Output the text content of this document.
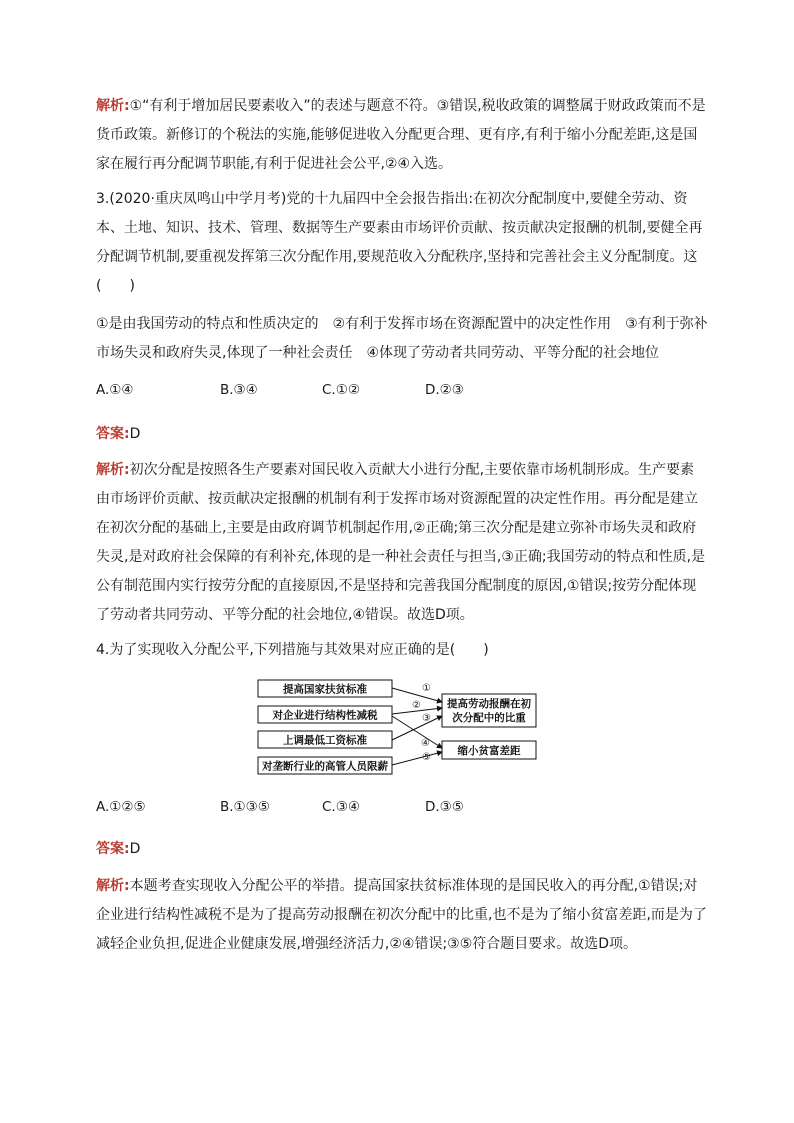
解析:①“有利于增加居民要素收入”的表述与题意不符。③错误,税收政策的调整属于财政政策而不是货币政策。新修订的个税法的实施,能够促进收入分配更合理、更有序,有利于缩小分配差距,这是国家在履行再分配调节职能,有利于促进社会公平,②④入选。
3.(2020·重庆凤鸣山中学月考)党的十九届四中全会报告指出:在初次分配制度中,要健全劳动、资本、土地、知识、技术、管理、数据等生产要素由市场评价贡献、按贡献决定报酬的机制,要健全再分配调节机制,要重视发挥第三次分配作用,要规范收入分配秩序,坚持和完善社会主义分配制度。这(　　)
①是由我国劳动的特点和性质决定的　②有利于发挥市场在资源配置中的决定性作用　③有利于弥补市场失灵和政府失灵,体现了一种社会责任　④体现了劳动者共同劳动、平等分配的社会地位
A.①④	B.③④	C.①②	D.②③
答案:D
解析:初次分配是按照各生产要素对国民收入贡献大小进行分配,主要依靠市场机制形成。生产要素由市场评价贡献、按贡献决定报酬的机制有利于发挥市场对资源配置的决定性作用。再分配是建立在初次分配的基础上,主要是由政府调节机制起作用,②正确;第三次分配是建立弥补市场失灵和政府失灵,是对政府社会保障的有利补充,体现的是一种社会责任与担当,③正确;我国劳动的特点和性质,是公有制范围内实行按劳分配的直接原因,不是坚持和完善我国分配制度的原因,①错误;按劳分配体现了劳动者共同劳动、平等分配的社会地位,④错误。故选D项。
4.为了实现收入分配公平,下列措施与其效果对应正确的是(　　)
提高国家扶贫标准
对企业进行结构性减税
上调最低工资标准
对垄断行业的高管人员限薪
提高劳动报酬在初
次分配中的比重
缩小贫富差距
①
②
③
④
⑤
A.①②⑤	B.①③⑤	C.③④	D.③⑤
答案:D
解析:本题考查实现收入分配公平的举措。提高国家扶贫标准体现的是国民收入的再分配,①错误;对企业进行结构性减税不是为了提高劳动报酬在初次分配中的比重,也不是为了缩小贫富差距,而是为了减轻企业负担,促进企业健康发展,增强经济活力,②④错误;③⑤符合题目要求。故选D项。
